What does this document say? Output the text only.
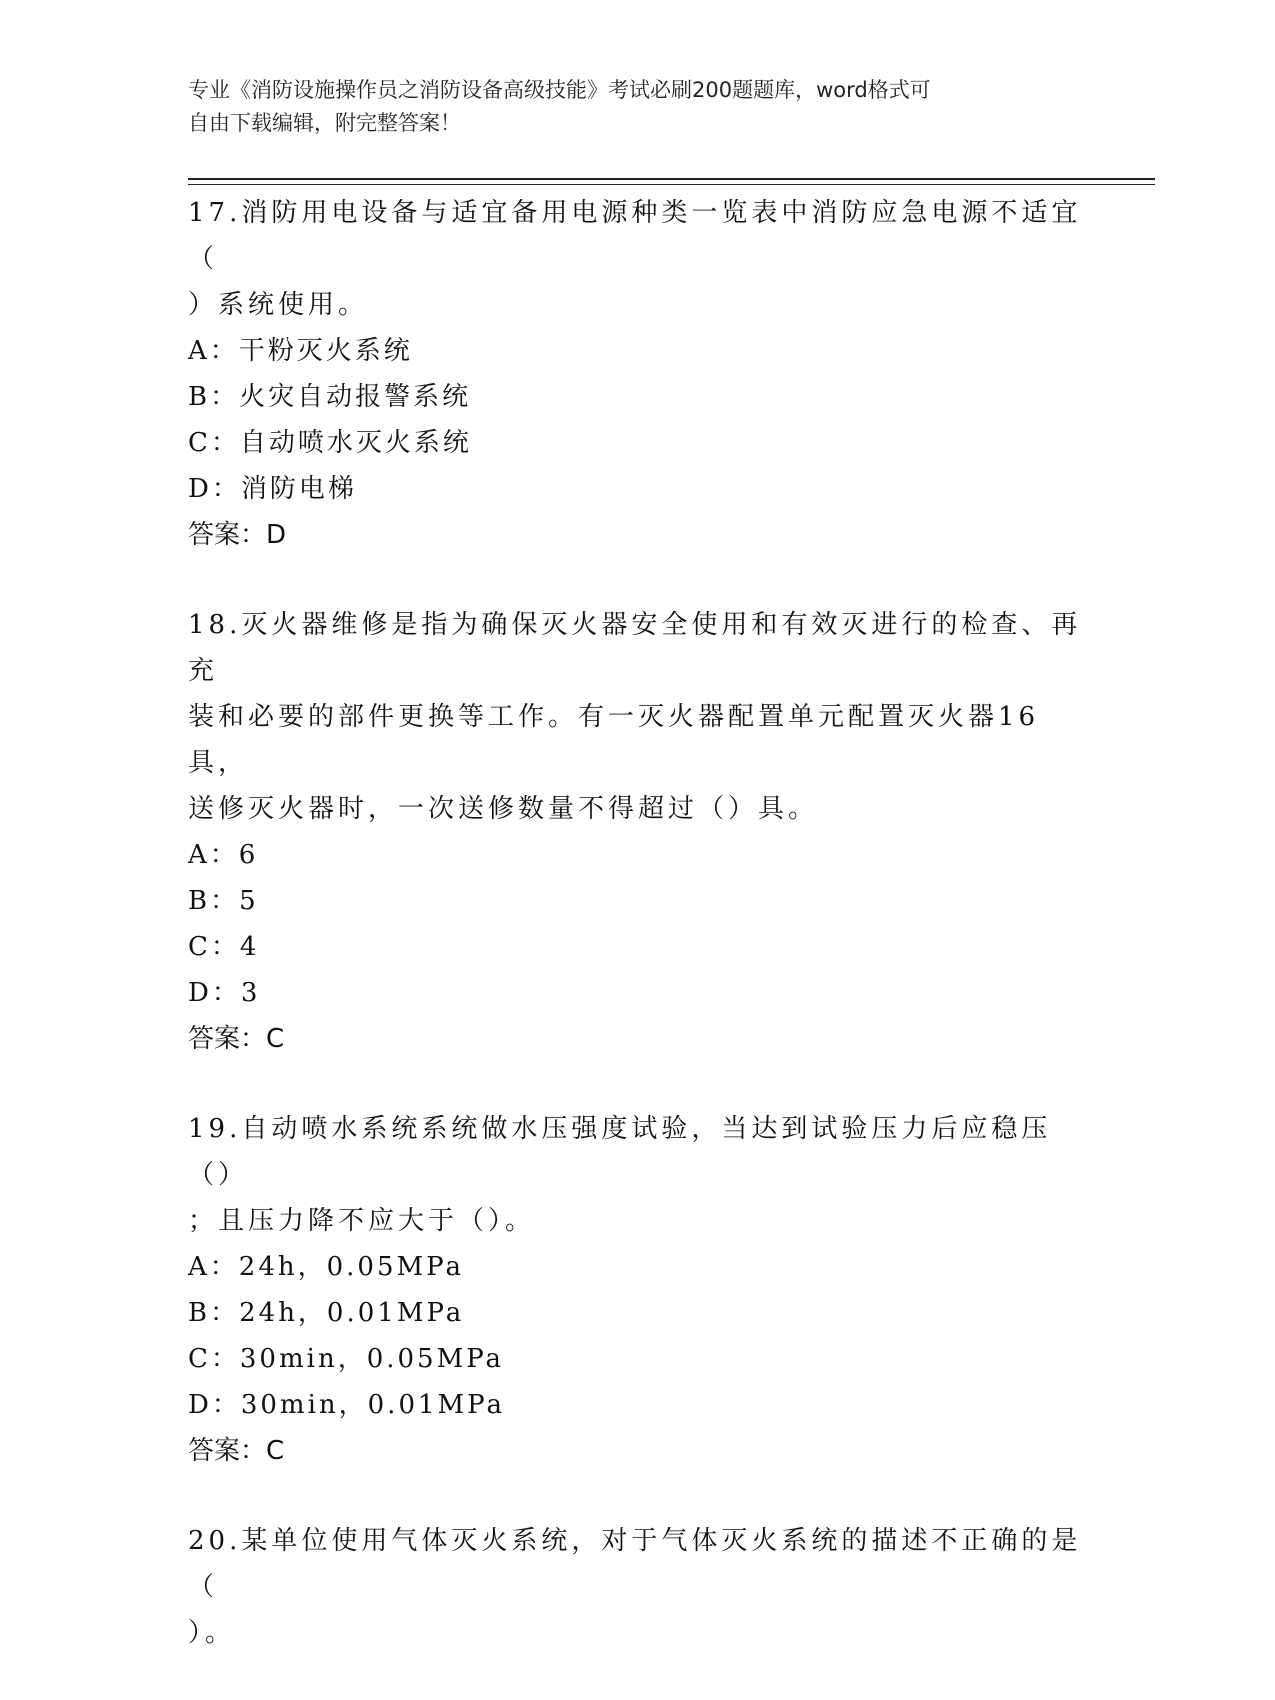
专业《消防设施操作员之消防设备高级技能》考试必刷200题题库，word格式可
自由下载编辑，附完整答案！

17.消防用电设备与适宜备用电源种类一览表中消防应急电源不适宜（

）系统使用。

A：干粉灭火系统

B：火灾自动报警系统

C：自动喷水灭火系统

D：消防电梯

答案：D

18.灭火器维修是指为确保灭火器安全使用和有效灭进行的检查、再充

装和必要的部件更换等工作。有一灭火器配置单元配置灭火器16具，

送修灭火器时，一次送修数量不得超过（）具。

A：6

B：5

C：4

D：3

答案：C

19.自动喷水系统系统做水压强度试验，当达到试验压力后应稳压（）

；且压力降不应大于（）。

A：24h，0.05MPa

B：24h，0.01MPa

C：30min，0.05MPa

D：30min，0.01MPa

答案：C

20.某单位使用气体灭火系统，对于气体灭火系统的描述不正确的是（

）。
